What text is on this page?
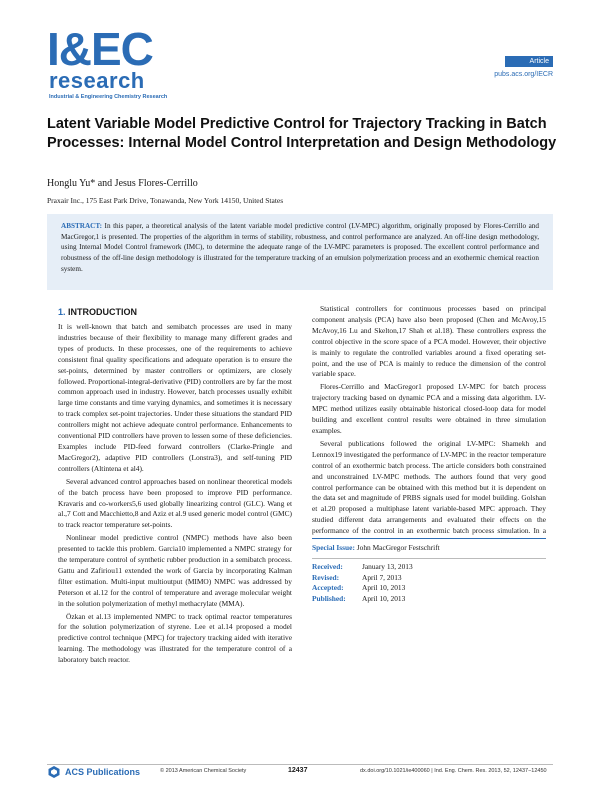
I&EC
research
Industrial & Engineering Chemistry Research
Article
pubs.acs.org/IECR
Latent Variable Model Predictive Control for Trajectory Tracking in Batch Processes: Internal Model Control Interpretation and Design Methodology
Honglu Yu* and Jesus Flores-Cerrillo
Praxair Inc., 175 East Park Drive, Tonawanda, New York 14150, United States
ABSTRACT: In this paper, a theoretical analysis of the latent variable model predictive control (LV-MPC) algorithm, originally proposed by Flores-Cerrillo and MacGregor,1 is presented. The properties of the algorithm in terms of stability, robustness, and control performance are analyzed. An off-line design methodology, using Internal Model Control framework (IMC), to determine the adequate range of the LV-MPC parameters is proposed. The excellent control performance and robustness of the off-line design methodology is illustrated for the temperature tracking of an emulsion polymerization process and an exothermic chemical reaction system.
1. INTRODUCTION

It is well-known that batch and semibatch processes are used in many industries because of their flexibility to manage many different grades and types of products. In these processes, one of the requirements to achieve consistent final quality specifications and adequate operation is to ensure the set-points, determined by master controllers or optimizers, are closely followed. Proportional-integral-derivative (PID) controllers are by far the most common approach used in industry. However, batch processes usually exhibit large time constants and time varying dynamics, and sometimes it is necessary to track complex set-point trajectories. Under these situations the standard PID controllers might not achieve adequate control performance. Enhancements to conventional PID controllers have proven to lessen some of these deficiencies. Examples include PID-feed forward controllers (Clarke-Pringle and MacGregor2), adaptive PID controllers (Lonstra3), and self-tuning PID controllers (Altintena et al4).

Several advanced control approaches based on nonlinear theoretical models of the batch process have been proposed to improve PID performance. Kravaris and co-workers5,6 used globally linearizing control (GLC). Wang et al.,7 Cott and Macchietto,8 and Aziz et al.9 used generic model control (GMC) to track reactor temperature set-points.

Nonlinear model predictive control (NMPC) methods have also been presented to tackle this problem. Garcia10 implemented a NMPC strategy for the temperature control of synthetic rubber production in a semibatch process. Gattu and Zafiriou11 extended the work of Garcia by incorporating Kalman filter estimation. Multi-input multioutput (MIMO) NMPC was addressed by Peterson et al.12 for the control of temperature and average molecular weight in the solution polymerization of methyl methacrylate (MMA).

Özkan et al.13 implemented NMPC to track optimal reactor temperatures for the solution polymerization of styrene. Lee et al.14 proposed a model predictive control technique (MPC) for trajectory tracking aided with iterative learning. The methodology was illustrated for the temperature control of a laboratory batch reactor.

Statistical controllers for continuous processes based on principal component analysis (PCA) have also been proposed (Chen and McAvoy,15 McAvoy,16 Lu and Skelton,17 Shah et al.18). These controllers express the control objective in the score space of a PCA model. However, their objective is mainly to regulate the controlled variables around a fixed operating set-point, and the use of PCA is mainly to reduce the dimension of the control variable space.

Flores-Cerrillo and MacGregor1 proposed LV-MPC for batch process trajectory tracking based on dynamic PCA and a missing data algorithm. LV-MPC method utilizes easily obtainable historical closed-loop data for model building and excellent control results were obtained in three simulation examples.

Several publications followed the original LV-MPC: Shamekh and Lennox19 investigated the performance of LV-MPC in the reactor temperature control of an exothermic batch process. The article considers both constrained and unconstrained LV-MPC methods. The authors found that very good control performance can be obtained with this method but it is dependent on the data set and magnitude of PRBS signals used for model building. Golshan et al.20 proposed a multiphase latent variable-based MPC approach. They studied different data arrangements and evaluated their effects on the performance of the control in an exothermic batch process simulation. In a

Special Issue: John MacGregor Festschrift
Received:	January 13, 2013
Revised:	April 7, 2013
Accepted:	April 10, 2013
Published:	April 10, 2013
ACS Publications	© 2013 American Chemical Society	12437	dx.doi.org/10.1021/ie400060 | Ind. Eng. Chem. Res. 2013, 52, 12437−12450
